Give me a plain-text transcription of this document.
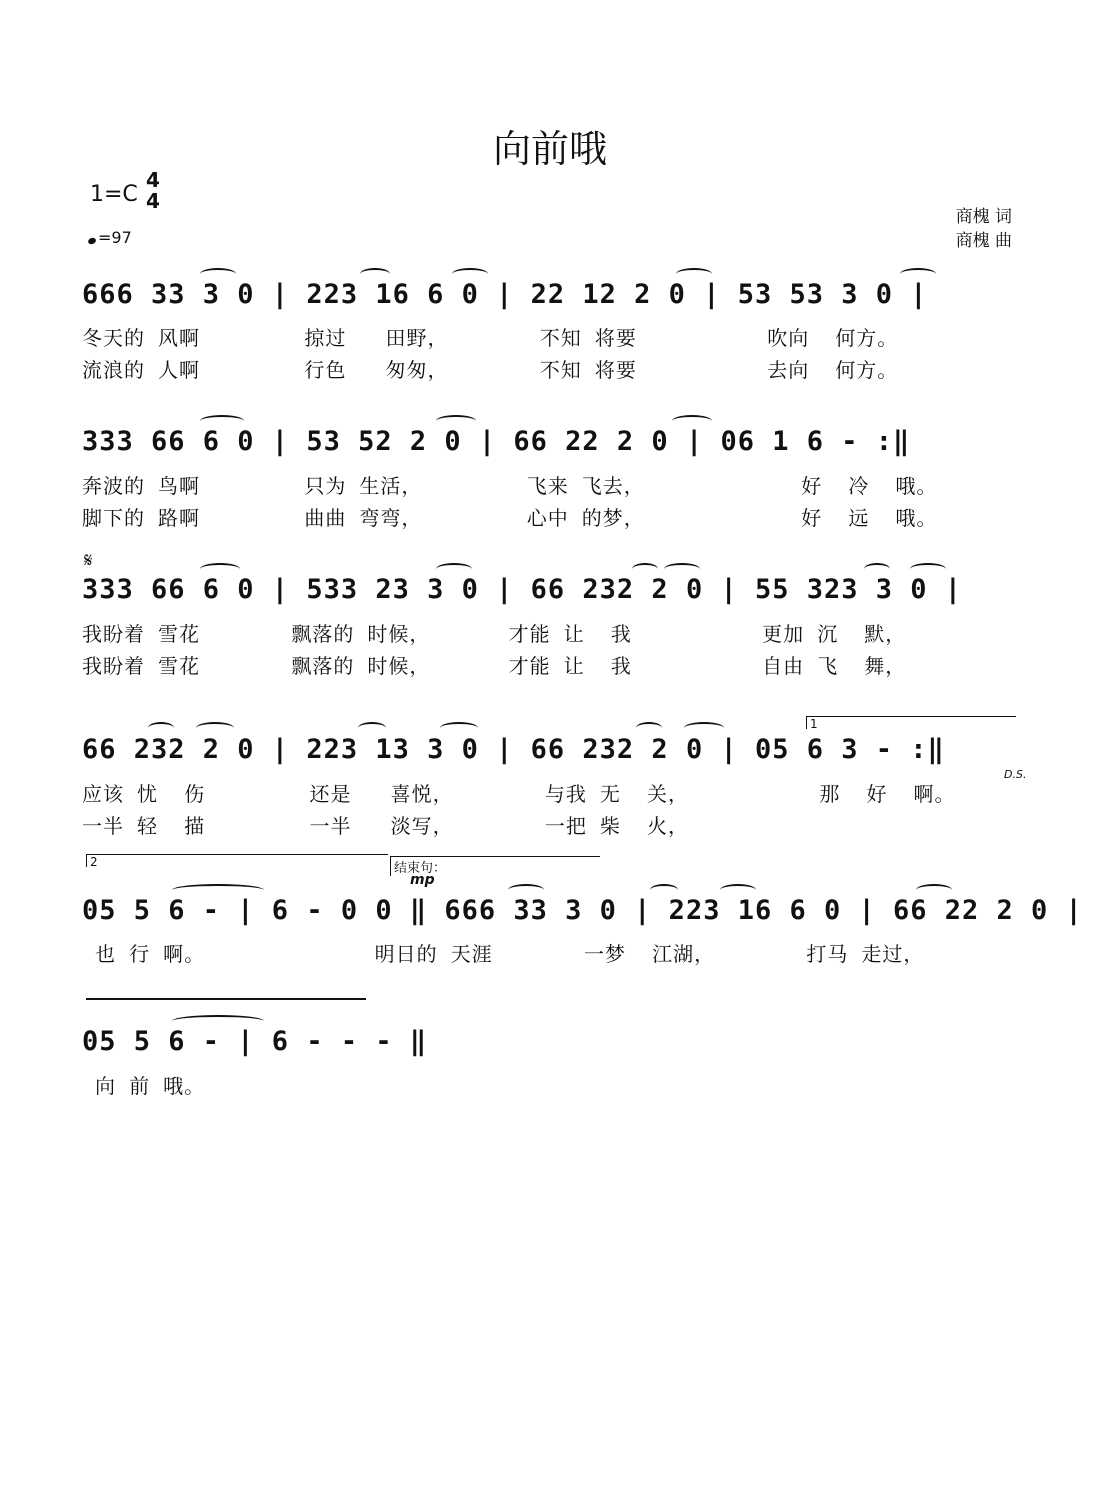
向前哦
1=C
4
4
=97
商槐 词
商槐 曲
666 33 3 0 | 223 16 6 0 | 22 12 2 0 | 53 53 3 0 |
冬天的 风啊        掠过   田野，       不知 将要          吹向  何方。
流浪的 人啊        行色   匆匆，       不知 将要          去向  何方。
333 66 6 0 | 53 52 2 0 | 66 22 2 0 | 06 1 6 - :‖
奔波的 鸟啊        只为 生活，        飞来 飞去，            好  冷  哦。
脚下的 路啊        曲曲 弯弯，        心中 的梦，            好  远  哦。
𝄋
333 66 6 0 | 533 23 3 0 | 66 232 2 0 | 55 323 3 0 |
我盼着 雪花       飘落的 时候，      才能 让  我          更加 沉  默，
我盼着 雪花       飘落的 时候，      才能 让  我          自由 飞  舞，
1
66 232 2 0 | 223 13 3 0 | 66 232 2 0 | 05 6 3 - :‖
D.S.
应该 忧  伤        还是   喜悦，       与我 无  关，          那  好  啊。
一半 轻  描        一半   淡写，       一把 柴  火，
2	结束句：
mp
05 5 6 - | 6 - 0 0 ‖ 666 33 3 0 | 223 16 6 0 | 66 22 2 0 |
也 行 啊。             明日的 天涯       一梦  江湖，       打马 走过，
05 5 6 - | 6 - - - ‖
向 前 哦。
